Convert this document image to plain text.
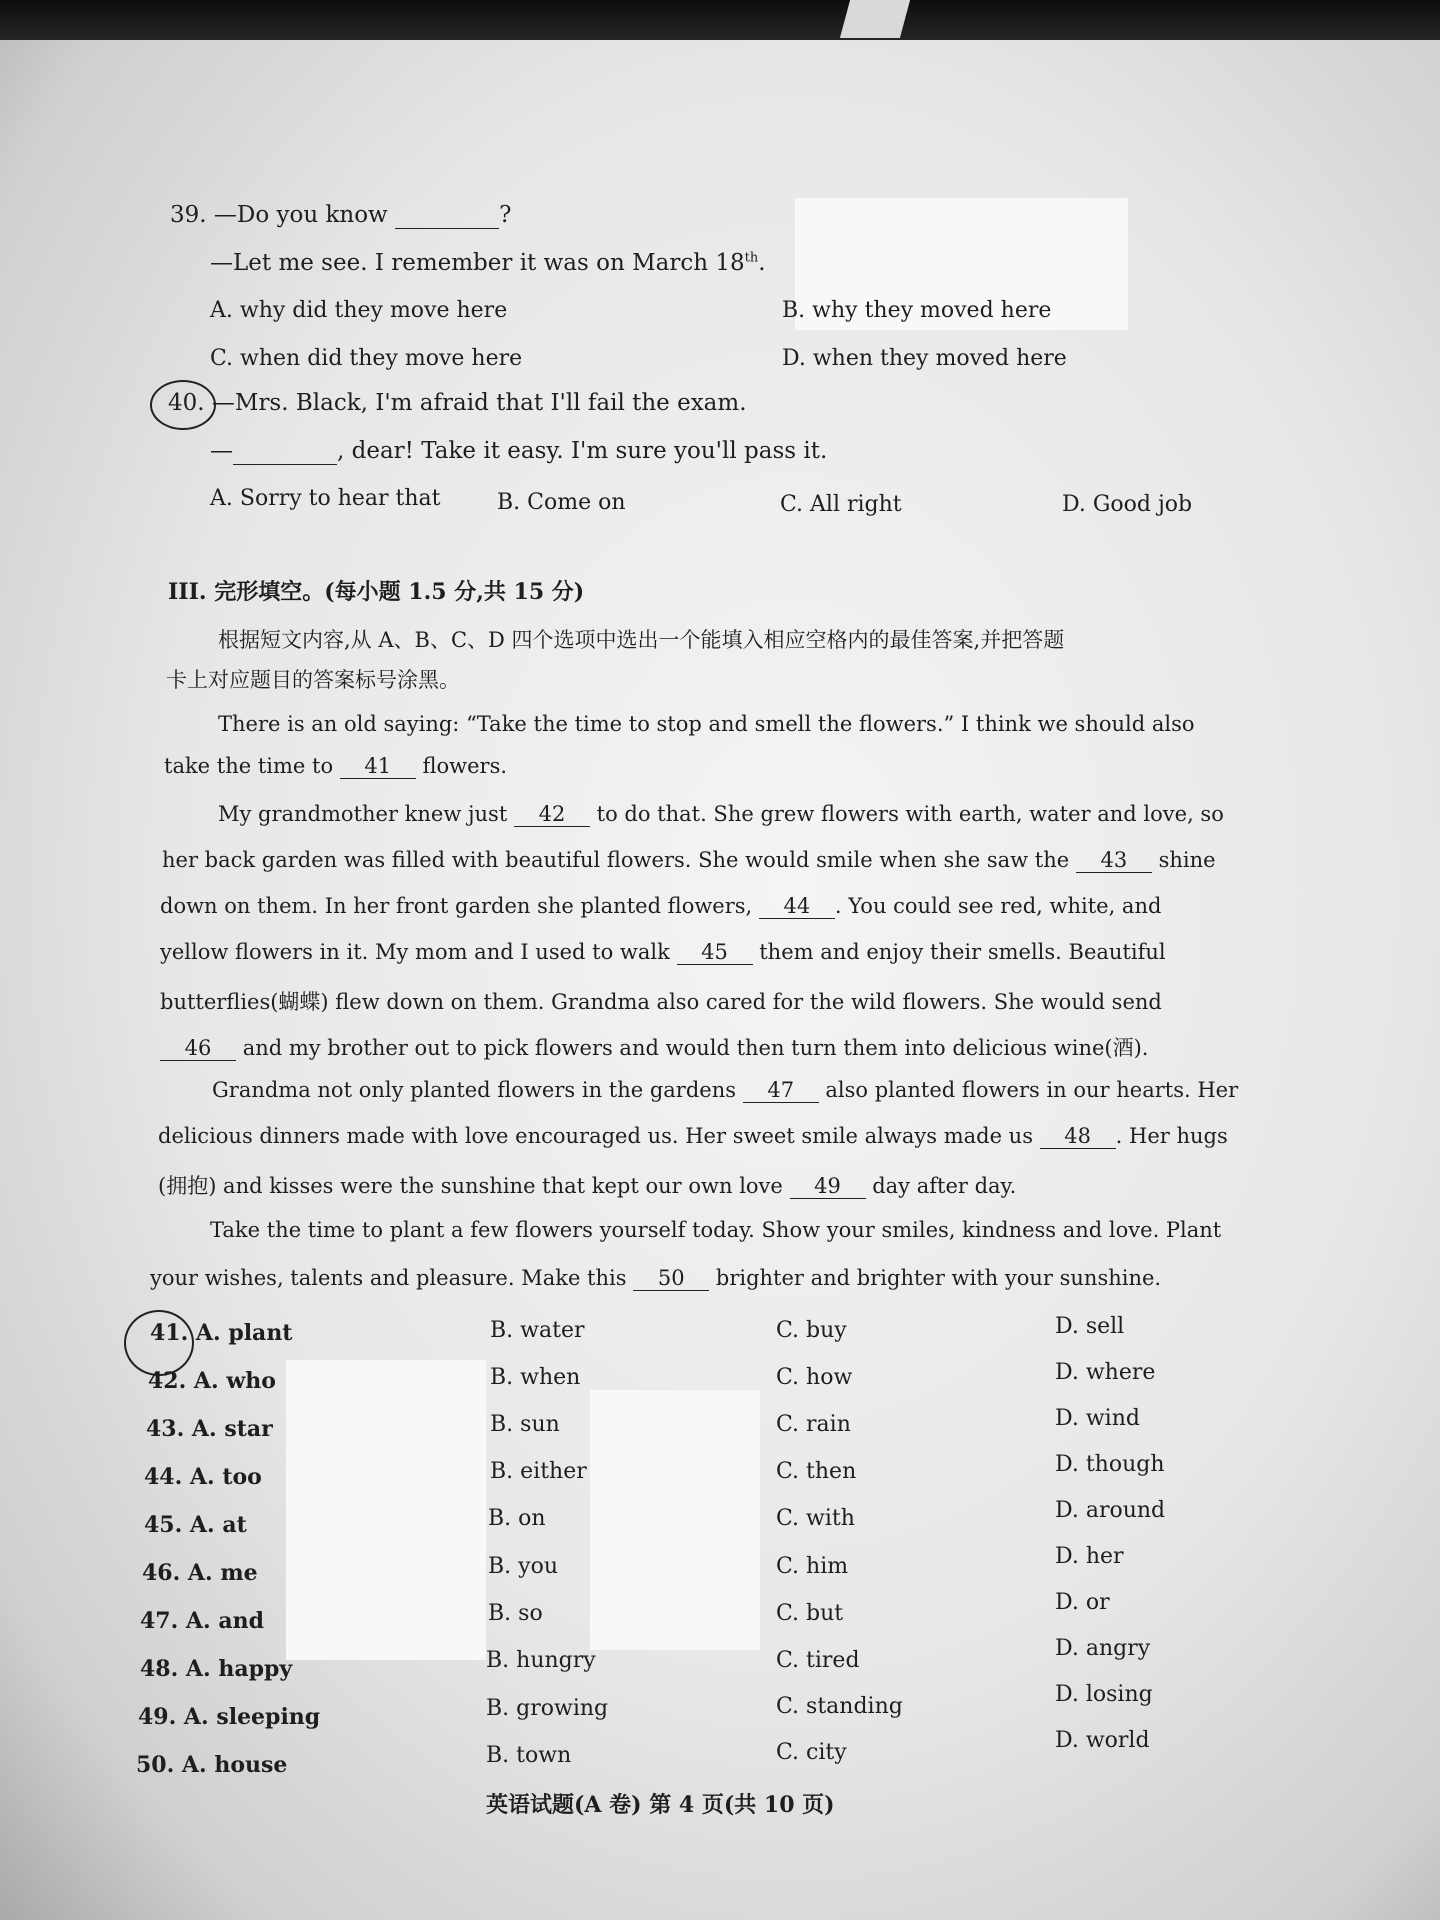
39. —Do you know	?
—Let me see. I remember it was on March 18th.
A. why did they move here	B. why they moved here
C. when did they move here	D. when they moved here
40. —Mrs. Black, I'm afraid that I'll fail the exam.
—	, dear! Take it easy. I'm sure you'll pass it.
A. Sorry to hear that	B. Come on	C. All right	D. Good job
III. 完形填空。(每小题 1.5 分,共 15 分)
根据短文内容,从 A、B、C、D 四个选项中选出一个能填入相应空格内的最佳答案,并把答题
卡上对应题目的答案标号涂黑。
There is an old saying: “Take the time to stop and smell the flowers.” I think we should also
take the time to 41 flowers.
My grandmother knew just 42 to do that. She grew flowers with earth, water and love, so
her back garden was filled with beautiful flowers. She would smile when she saw the 43 shine
down on them. In her front garden she planted flowers, 44 . You could see red, white, and
yellow flowers in it. My mom and I used to walk 45 them and enjoy their smells. Beautiful
butterflies(蝴蝶) flew down on them. Grandma also cared for the wild flowers. She would send
46 and my brother out to pick flowers and would then turn them into delicious wine(酒).
Grandma not only planted flowers in the gardens 47 also planted flowers in our hearts. Her
delicious dinners made with love encouraged us. Her sweet smile always made us 48 . Her hugs
(拥抱) and kisses were the sunshine that kept our own love 49 day after day.
Take the time to plant a few flowers yourself today. Show your smiles, kindness and love. Plant
your wishes, talents and pleasure. Make this 50 brighter and brighter with your sunshine.
41. A. plant	B. water	C. buy	D. sell
42. A. who	B. when	C. how	D. where
43. A. star	B. sun	C. rain	D. wind
44. A. too	B. either	C. then	D. though
45. A. at	B. on	C. with	D. around
46. A. me	B. you	C. him	D. her
47. A. and	B. so	C. but	D. or
48. A. happy	B. hungry	C. tired	D. angry
49. A. sleeping	B. growing	C. standing	D. losing
50. A. house	B. town	C. city	D. world
英语试题(A 卷) 第 4 页(共 10 页)
